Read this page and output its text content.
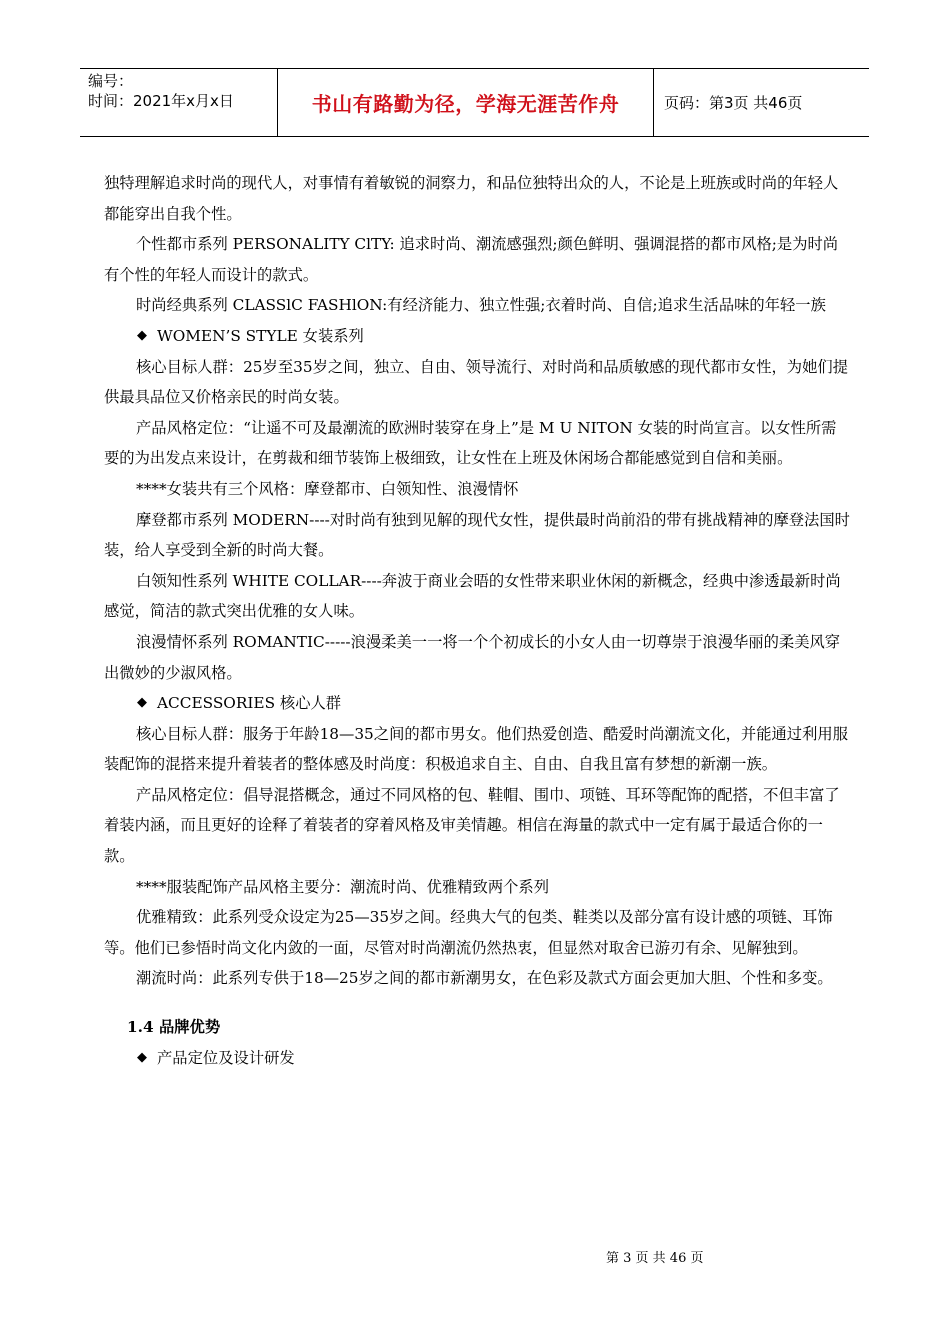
编号：
时间：2021年x月x日	书山有路勤为径，学海无涯苦作舟	页码：第3页 共46页

独特理解追求时尚的现代人，对事情有着敏锐的洞察力，和品位独特出众的人，不论是上班族或时尚的年轻人都能穿出自我个性。

个性都市系列 PERSONALITY ClTY: 追求时尚、潮流感强烈;颜色鲜明、强调混搭的都市风格;是为时尚有个性的年轻人而设计的款式。

时尚经典系列 CLASSlC FASHlON:有经济能力、独立性强;衣着时尚、自信;追求生活品味的年轻一族

◆ WOMEN’S STYLE 女装系列

核心目标人群：25岁至35岁之间，独立、自由、领导流行、对时尚和品质敏感的现代都市女性，为她们提供最具品位又价格亲民的时尚女装。

产品风格定位：“让遥不可及最潮流的欧洲时装穿在身上”是 M U NITON 女装的时尚宣言。以女性所需要的为出发点来设计，在剪裁和细节装饰上极细致，让女性在上班及休闲场合都能感觉到自信和美丽。

****女装共有三个风格：摩登都市、白领知性、浪漫情怀

摩登都市系列 MODERN----对时尚有独到见解的现代女性，提供最时尚前沿的带有挑战精神的摩登法国时装，给人享受到全新的时尚大餐。

白领知性系列 WHITE COLLAR----奔波于商业会晤的女性带来职业休闲的新概念，经典中渗透最新时尚感觉，简洁的款式突出优雅的女人味。

浪漫情怀系列 ROMANTIC-----浪漫柔美一一将一个个初成长的小女人由一切尊崇于浪漫华丽的柔美风穿出微妙的少淑风格。

◆ ACCESSORIES 核心人群

核心目标人群：服务于年龄18—35之间的都市男女。他们热爱创造、酷爱时尚潮流文化，并能通过利用服装配饰的混搭来提升着装者的整体感及时尚度：积极追求自主、自由、自我且富有梦想的新潮一族。

产品风格定位：倡导混搭概念，通过不同风格的包、鞋帽、围巾、项链、耳环等配饰的配搭，不但丰富了着装内涵，而且更好的诠释了着装者的穿着风格及审美情趣。相信在海量的款式中一定有属于最适合你的一款。

****服装配饰产品风格主要分：潮流时尚、优雅精致两个系列

优雅精致：此系列受众设定为25—35岁之间。经典大气的包类、鞋类以及部分富有设计感的项链、耳饰等。他们已参悟时尚文化内敛的一面，尽管对时尚潮流仍然热衷，但显然对取舍已游刃有余、见解独到。

潮流时尚：此系列专供于18—25岁之间的都市新潮男女，在色彩及款式方面会更加大胆、个性和多变。

1.4 品牌优势

◆ 产品定位及设计研发

第 3 页 共 46 页
